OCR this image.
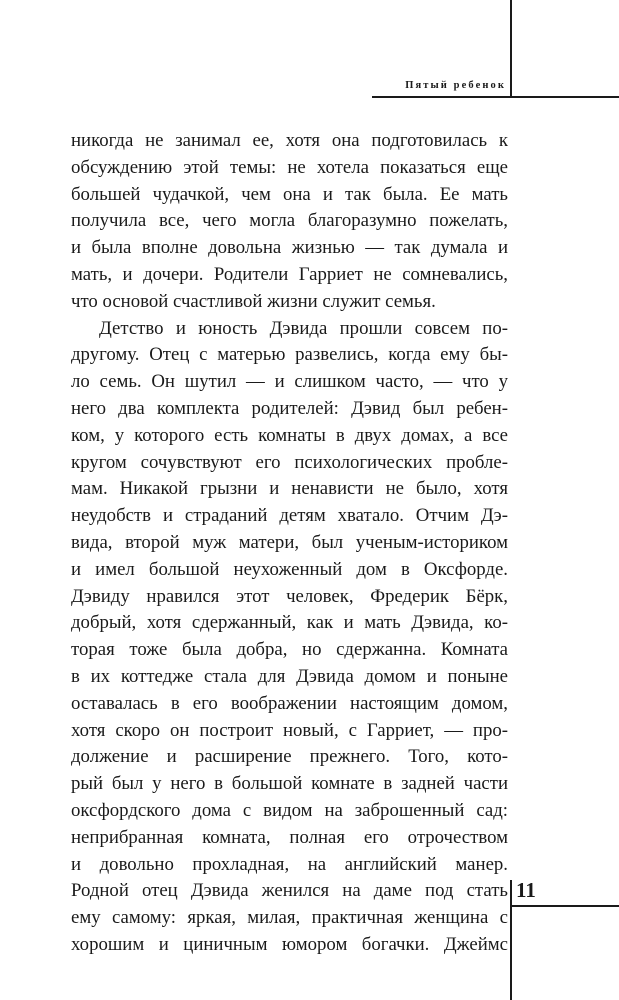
Пятый ребенок
никогда не занимал ее, хотя она подготовилась к
обсуждению этой темы: не хотела показаться еще
большей чудачкой, чем она и так была. Ее мать
получила все, чего могла благоразумно пожелать,
и была вполне довольна жизнью — так думала и
мать, и дочери. Родители Гарриет не сомневались,
что основой счастливой жизни служит семья.
Детство и юность Дэвида прошли совсем по-
другому. Отец с матерью развелись, когда ему бы-
ло семь. Он шутил — и слишком часто, — что у
него два комплекта родителей: Дэвид был ребен-
ком, у которого есть комнаты в двух домах, а все
кругом сочувствуют его психологических пробле-
мам. Никакой грызни и ненависти не было, хотя
неудобств и страданий детям хватало. Отчим Дэ-
вида, второй муж матери, был ученым-историком
и имел большой неухоженный дом в Оксфорде.
Дэвиду нравился этот человек, Фредерик Бёрк,
добрый, хотя сдержанный, как и мать Дэвида, ко-
торая тоже была добра, но сдержанна. Комната
в их коттедже стала для Дэвида домом и поныне
оставалась в его воображении настоящим домом,
хотя скоро он построит новый, с Гарриет, — про-
должение и расширение прежнего. Того, кото-
рый был у него в большой комнате в задней части
оксфордского дома с видом на заброшенный сад:
неприбранная комната, полная его отрочеством
и довольно прохладная, на английский манер.
Родной отец Дэвида женился на даме под стать
ему самому: яркая, милая, практичная женщина с
хорошим и циничным юмором богачки. Джеймс
11
